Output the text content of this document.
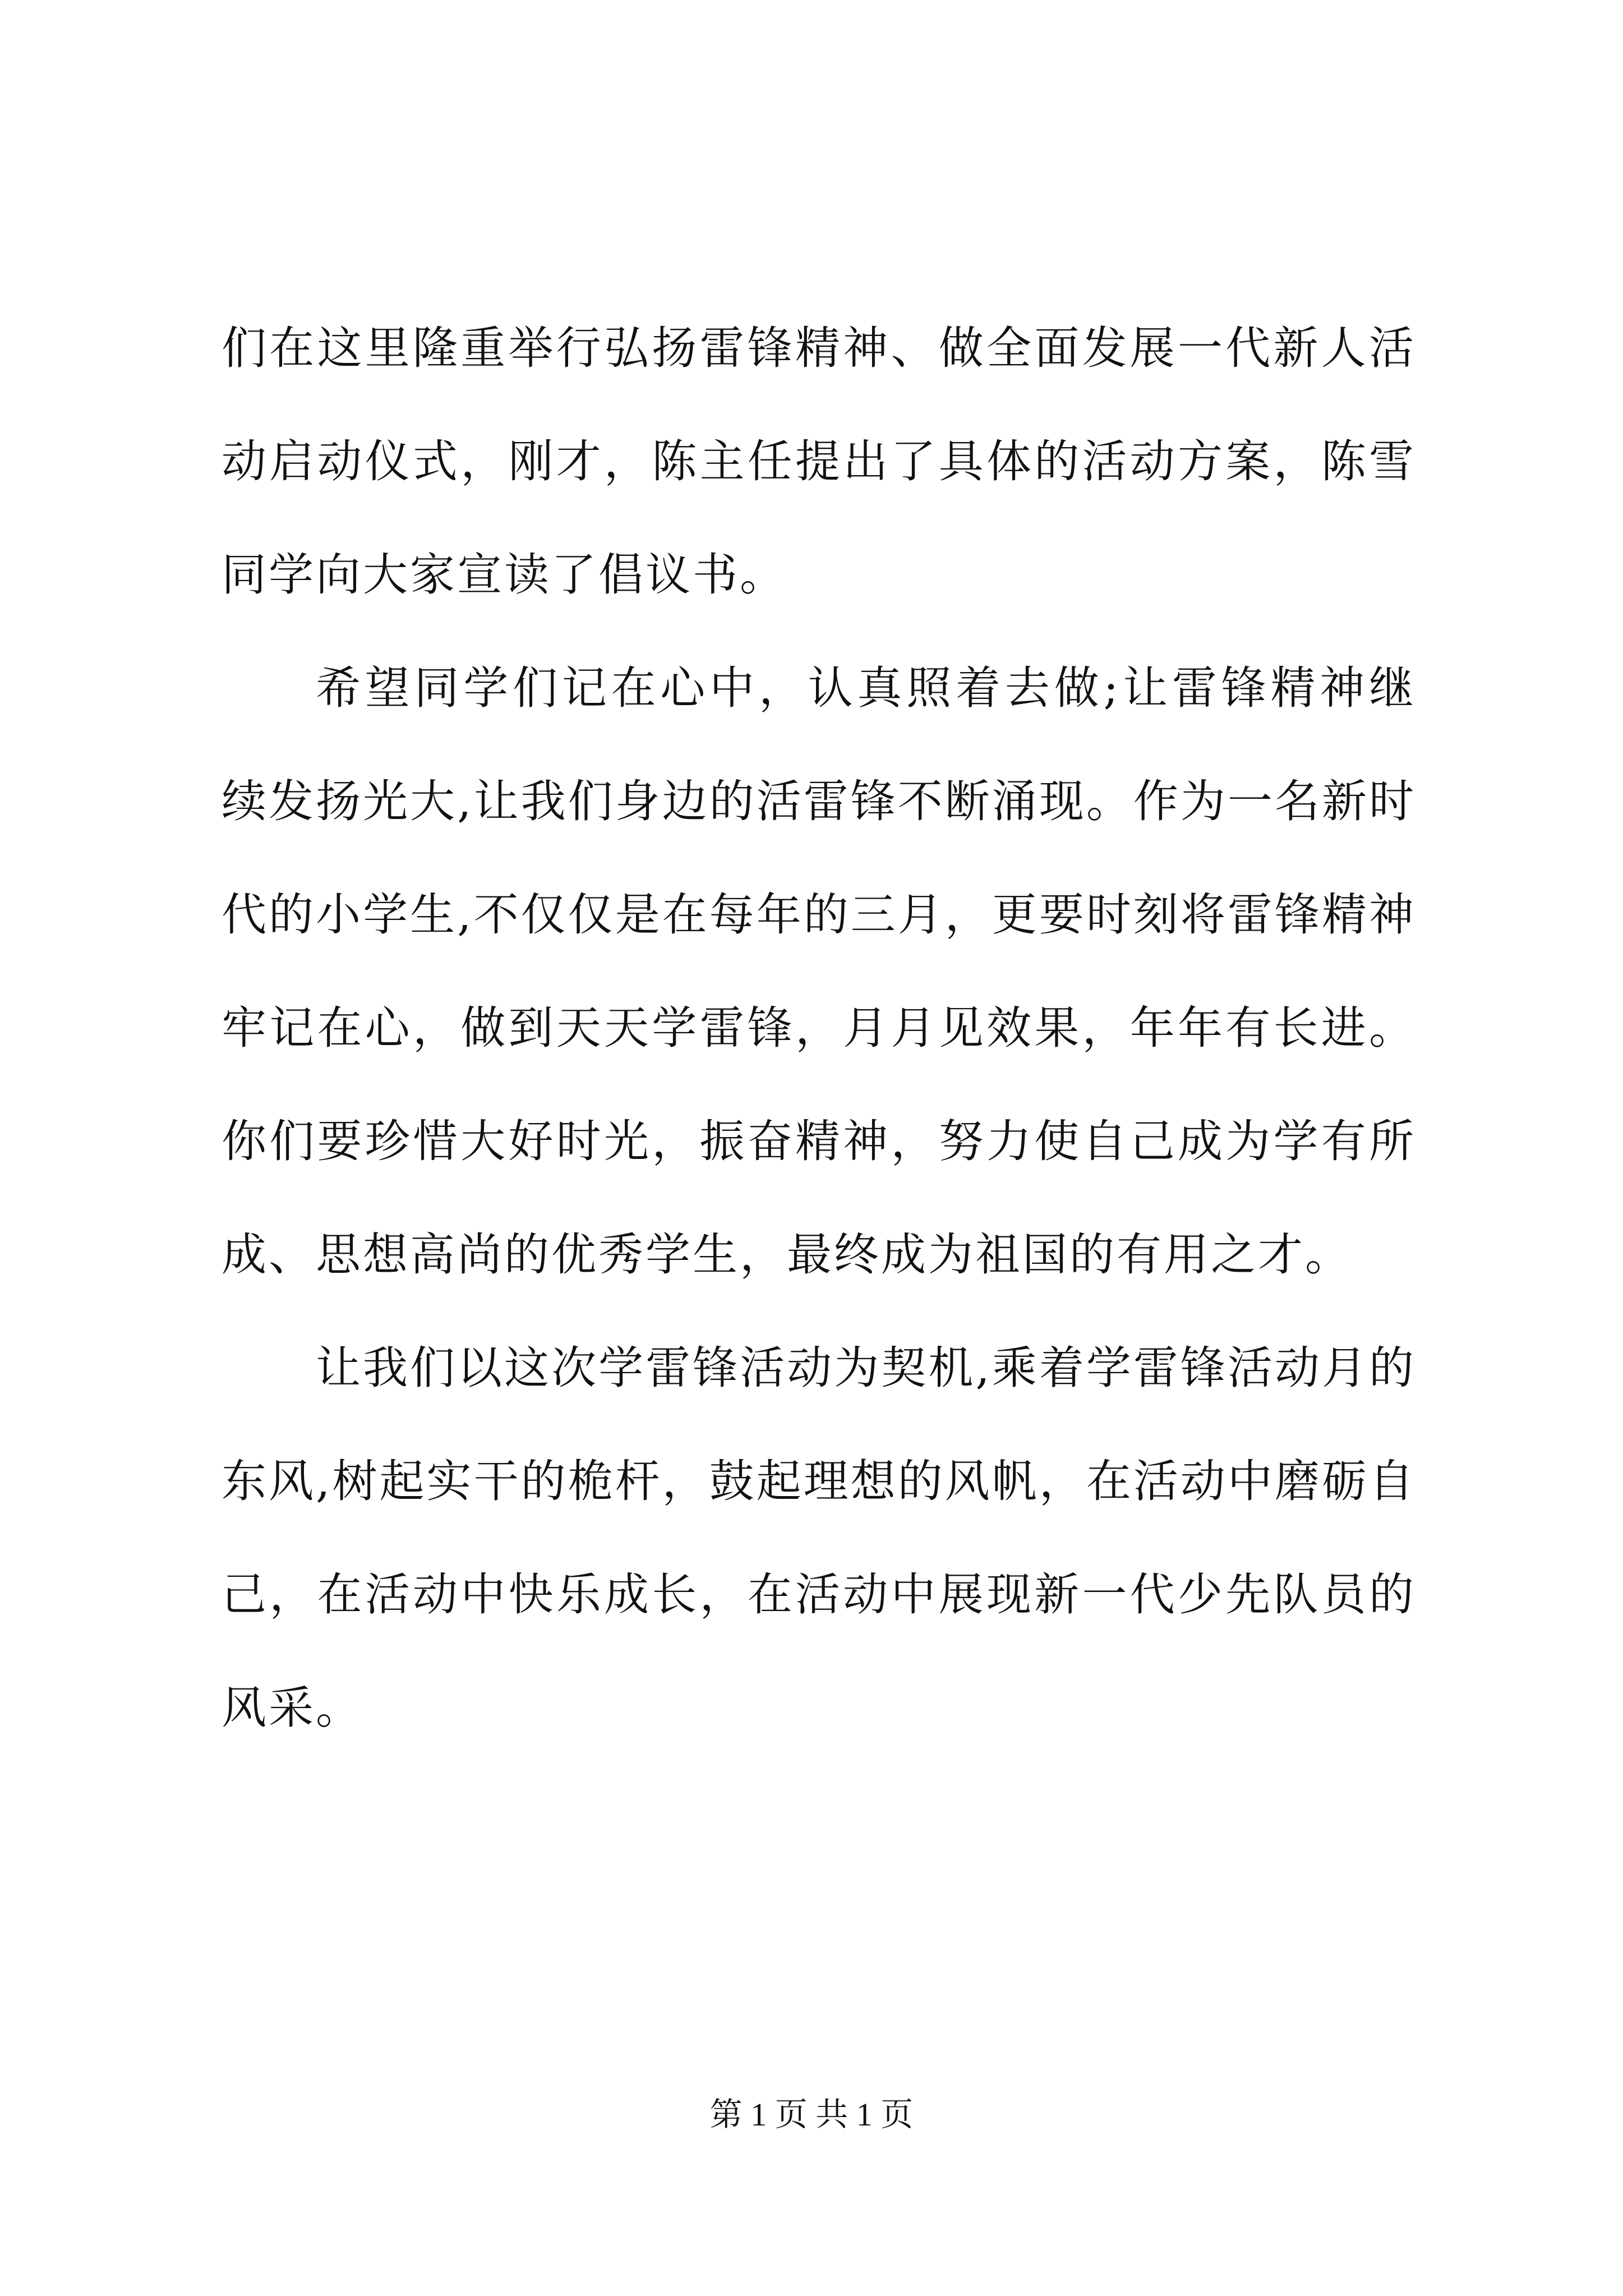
们在这里隆重举行弘扬雷锋精神、做全面发展一代新人活动启动仪式，刚才，陈主任提出了具体的活动方案，陈雪同学向大家宣读了倡议书。

希望同学们记在心中，认真照着去做;让雷锋精神继续发扬光大,让我们身边的活雷锋不断涌现。作为一名新时代的小学生,不仅仅是在每年的三月，更要时刻将雷锋精神牢记在心，做到天天学雷锋，月月见效果，年年有长进。你们要珍惜大好时光，振奋精神，努力使自己成为学有所成、思想高尚的优秀学生，最终成为祖国的有用之才。

让我们以这次学雷锋活动为契机,乘着学雷锋活动月的东风,树起实干的桅杆，鼓起理想的风帆，在活动中磨砺自己，在活动中快乐成长，在活动中展现新一代少先队员的风采。

第 1 页 共 1 页
